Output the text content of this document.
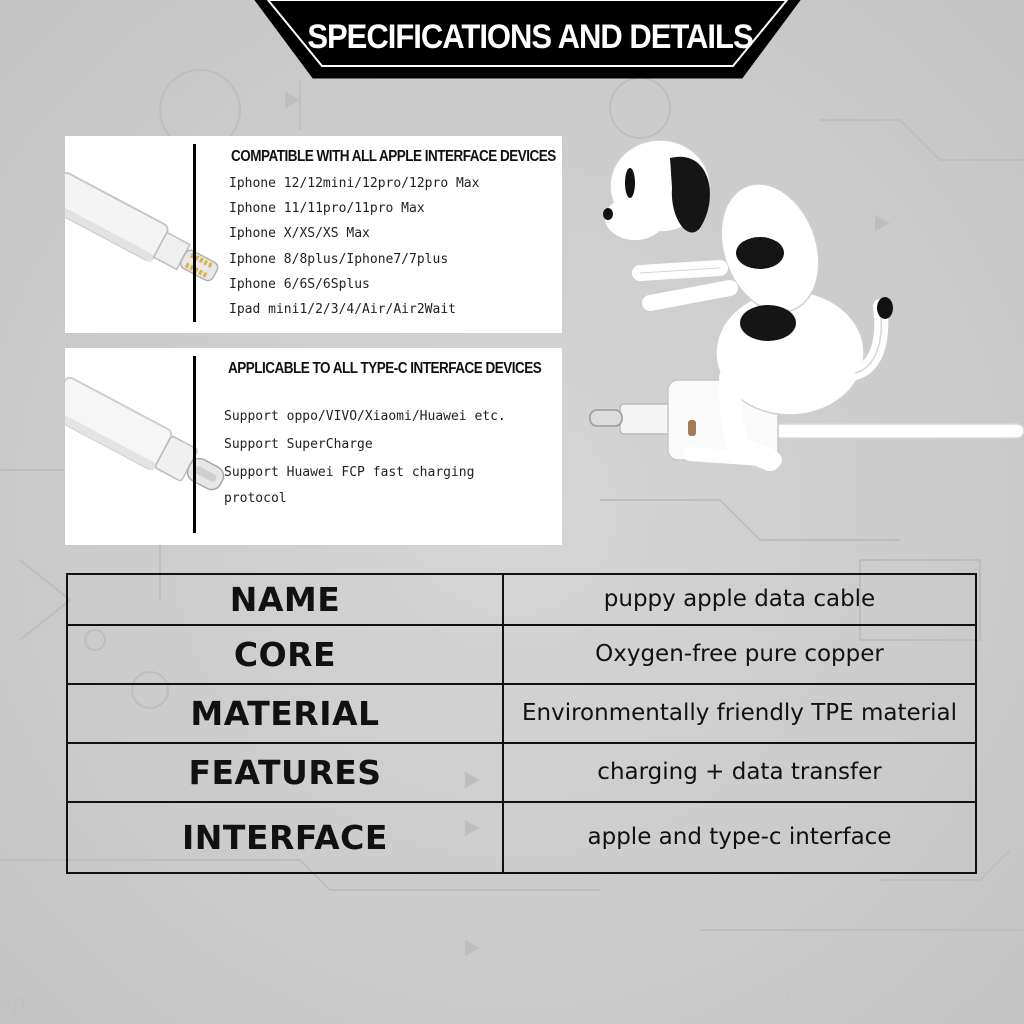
sp	· · ·
SPECIFICATIONS AND DETAILS
COMPATIBLE WITH ALL APPLE INTERFACE DEVICES
Iphone 12/12mini/12pro/12pro Max
Iphone 11/11pro/11pro Max
Iphone X/XS/XS Max
Iphone 8/8plus/Iphone7/7plus
Iphone 6/6S/6Splus
Ipad mini1/2/3/4/Air/Air2Wait
APPLICABLE TO ALL TYPE-C INTERFACE DEVICES
Support oppo/VIVO/Xiaomi/Huawei etc.
Support SuperCharge
Support Huawei FCP fast charging protocol
NAME	puppy apple data cable
CORE	Oxygen-free pure copper
MATERIAL	Environmentally friendly TPE material
FEATURES	charging + data transfer
INTERFACE	apple and type-c interface
